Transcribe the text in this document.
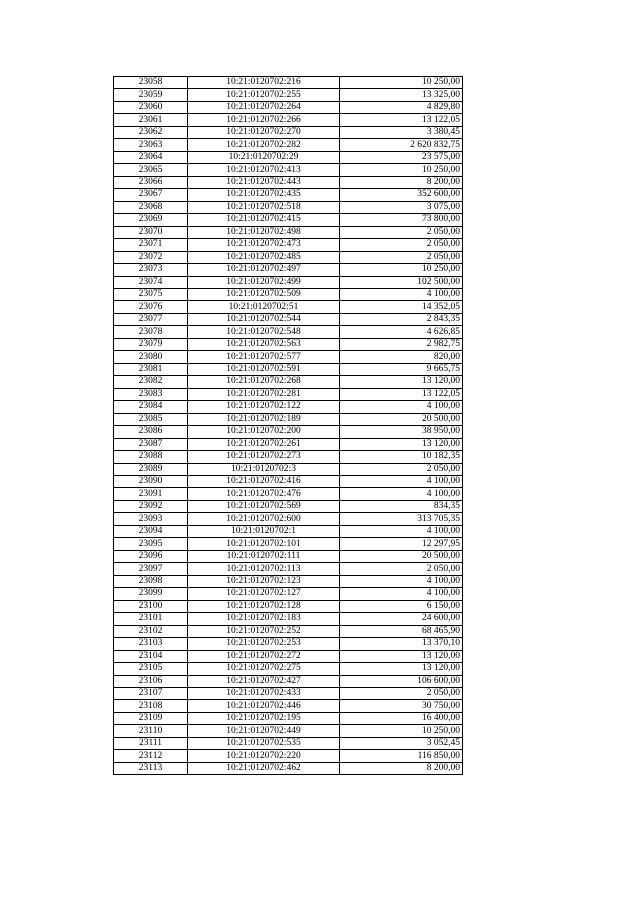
23058	10:21:0120702:216	10 250,00
23059	10:21:0120702:255	13 325,00
23060	10:21:0120702:264	4 829,80
23061	10:21:0120702:266	13 122,05
23062	10:21:0120702:270	3 380,45
23063	10:21:0120702:282	2 620 832,75
23064	10:21:0120702:29	23 575,00
23065	10:21:0120702:413	10 250,00
23066	10:21:0120702:443	8 200,00
23067	10:21:0120702:435	352 600,00
23068	10:21:0120702:518	3 075,00
23069	10:21:0120702:415	73 800,00
23070	10:21:0120702:498	2 050,00
23071	10:21:0120702:473	2 050,00
23072	10:21:0120702:485	2 050,00
23073	10:21:0120702:497	10 250,00
23074	10:21:0120702:499	102 500,00
23075	10:21:0120702:509	4 100,00
23076	10:21:0120702:51	14 352,05
23077	10:21:0120702:544	2 843,35
23078	10:21:0120702:548	4 626,85
23079	10:21:0120702:563	2 982,75
23080	10:21:0120702:577	820,00
23081	10:21:0120702:591	9 665,75
23082	10:21:0120702:268	13 120,00
23083	10:21:0120702:281	13 122,05
23084	10:21:0120702:122	4 100,00
23085	10:21:0120702:189	20 500,00
23086	10:21:0120702:200	38 950,00
23087	10:21:0120702:261	13 120,00
23088	10:21:0120702:273	10 182,35
23089	10:21:0120702:3	2 050,00
23090	10:21:0120702:416	4 100,00
23091	10:21:0120702:476	4 100,00
23092	10:21:0120702:569	834,35
23093	10:21:0120702:600	313 705,35
23094	10:21:0120702:1	4 100,00
23095	10:21:0120702:101	12 297,95
23096	10:21:0120702:111	20 500,00
23097	10:21:0120702:113	2 050,00
23098	10:21:0120702:123	4 100,00
23099	10:21:0120702:127	4 100,00
23100	10:21:0120702:128	6 150,00
23101	10:21:0120702:183	24 600,00
23102	10:21:0120702:252	68 465,90
23103	10:21:0120702:253	13 370,10
23104	10:21:0120702:272	13 120,00
23105	10:21:0120702:275	13 120,00
23106	10:21:0120702:427	106 600,00
23107	10:21:0120702:433	2 050,00
23108	10:21:0120702:446	30 750,00
23109	10:21:0120702:195	16 400,00
23110	10:21:0120702:449	10 250,00
23111	10:21:0120702:535	3 052,45
23112	10:21:0120702:220	116 850,00
23113	10:21:0120702:462	8 200,00
